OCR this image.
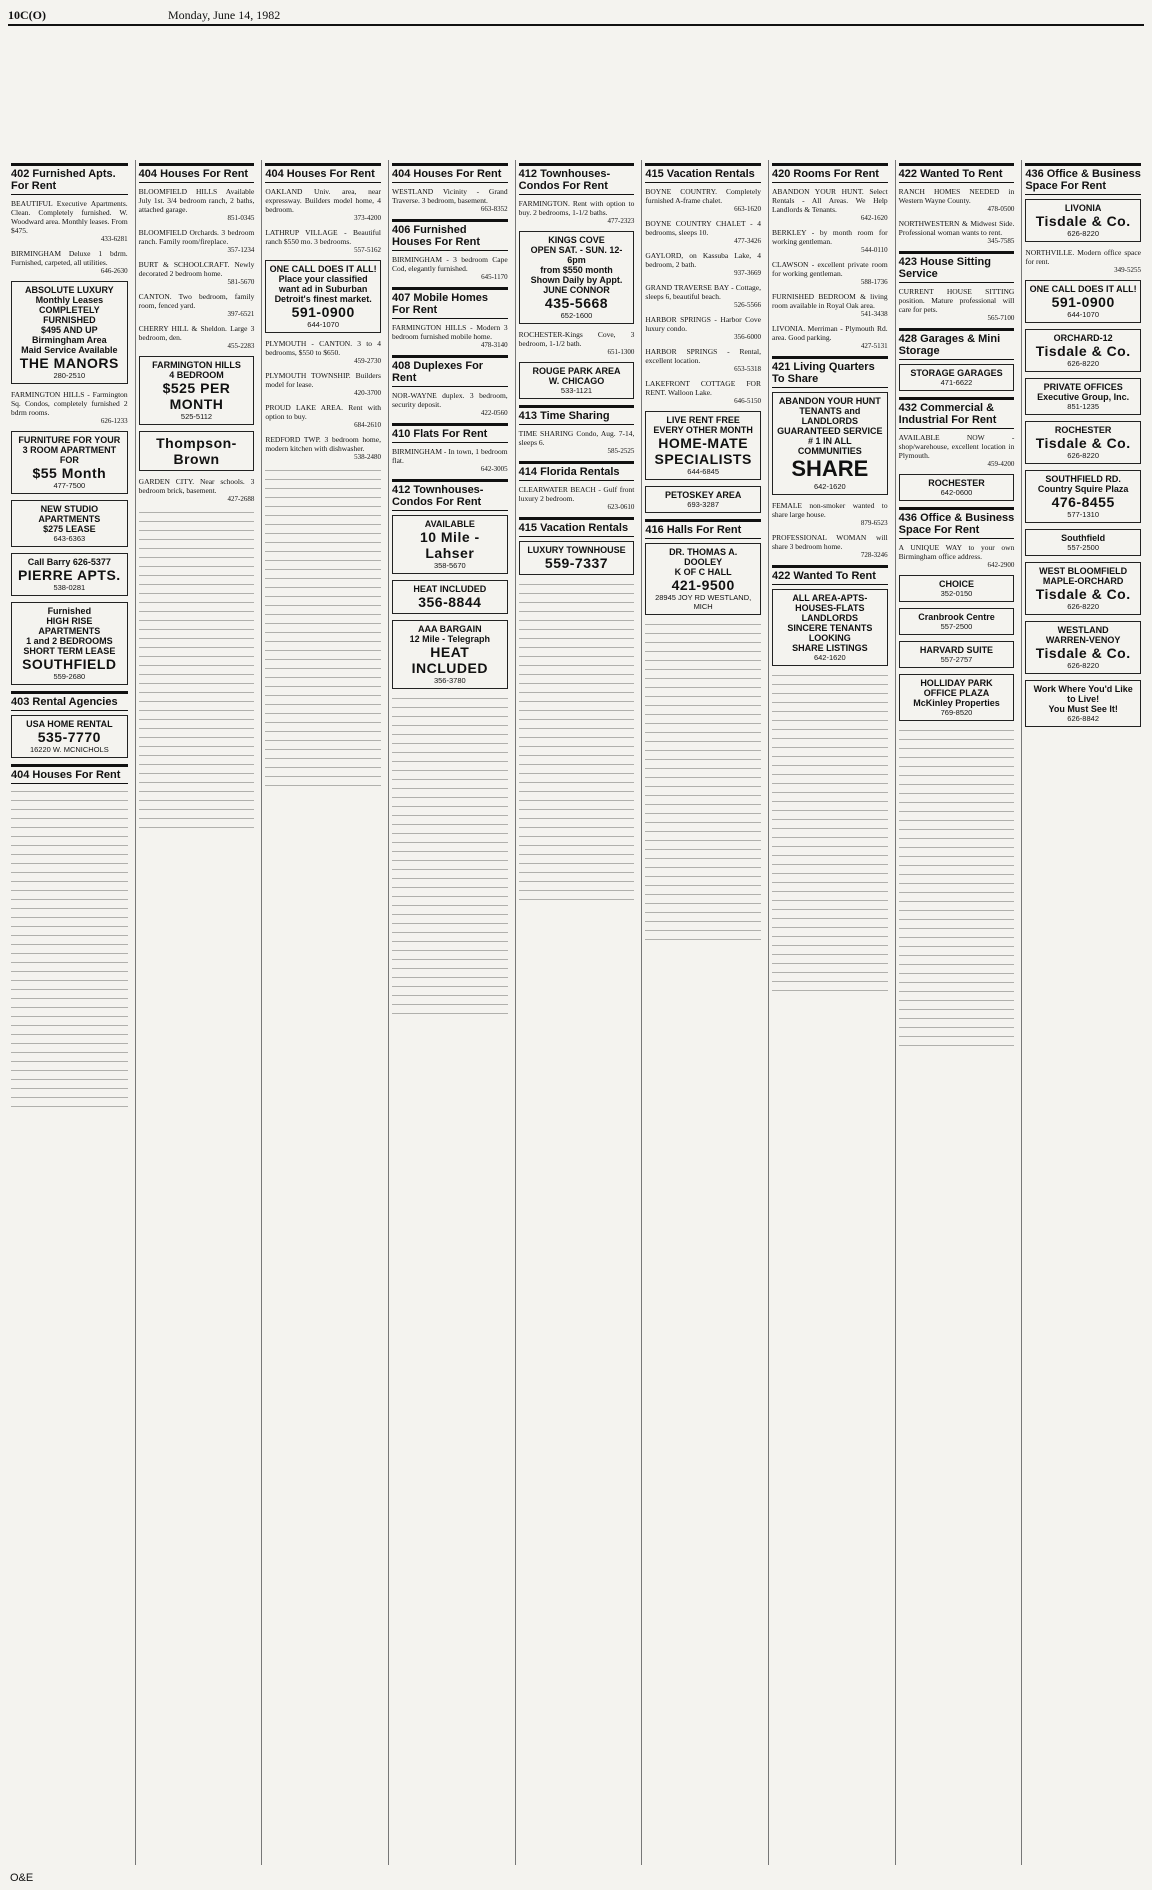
10C(O)	Monday, June 14, 1982
402 Furnished Apts. For Rent
BEAUTIFUL Executive Apartments. Clean. Completely furnished. W. Woodward area. Monthly leases. From $475.
433-6281
BIRMINGHAM Deluxe 1 bdrm. Furnished, carpeted, all utilities.
646-2630
ABSOLUTE LUXURY
Monthly Leases
COMPLETELY FURNISHED
$495 AND UP
Birmingham Area
Maid Service Available
THE MANORS
280-2510
FARMINGTON HILLS - Farmington Sq. Condos, completely furnished 2 bdrm rooms.
626-1233
FURNITURE FOR YOUR 3 ROOM APARTMENT FOR
$55 Month
477-7500
NEW STUDIO APARTMENTS
$275 LEASE
643-6363
Call Barry 626-5377
PIERRE APTS.
538-0281
Furnished
HIGH RISE APARTMENTS
1 and 2 BEDROOMS
SHORT TERM LEASE
SOUTHFIELD
559-2680
403 Rental Agencies
USA HOME RENTAL
535-7770
16220 W. MCNICHOLS
404 Houses For Rent
404 Houses For Rent
BLOOMFIELD HILLS Available July 1st. 3/4 bedroom ranch, 2 baths, attached garage.
851-0345
BLOOMFIELD Orchards. 3 bedroom ranch. Family room/fireplace.
357-1234
BURT & SCHOOLCRAFT. Newly decorated 2 bedroom home.
581-5670
CANTON. Two bedroom, family room, fenced yard.
397-6521
CHERRY HILL & Sheldon. Large 3 bedroom, den.
455-2283
FARMINGTON HILLS
4 BEDROOM
$525 PER MONTH
525-5112
Thompson-Brown
GARDEN CITY. Near schools. 3 bedroom brick, basement.
427-2688
404 Houses For Rent
OAKLAND Univ. area, near expressway. Builders model home, 4 bedroom.
373-4200
LATHRUP VILLAGE - Beautiful ranch $550 mo. 3 bedrooms.
557-5162
ONE CALL DOES IT ALL!
Place your classified want ad in Suburban Detroit's finest market.
591-0900
644-1070
PLYMOUTH - CANTON. 3 to 4 bedrooms, $550 to $650.
459-2730
PLYMOUTH TOWNSHIP. Builders model for lease.
420-3700
PROUD LAKE AREA. Rent with option to buy.
684-2610
REDFORD TWP. 3 bedroom home, modern kitchen with dishwasher.
538-2480
404 Houses For Rent
WESTLAND Vicinity - Grand Traverse. 3 bedroom, basement.
663-8352
406 Furnished Houses For Rent
BIRMINGHAM - 3 bedroom Cape Cod, elegantly furnished.
645-1170
407 Mobile Homes For Rent
FARMINGTON HILLS - Modern 3 bedroom furnished mobile home.
478-3140
408 Duplexes For Rent
NOR-WAYNE duplex. 3 bedroom, security deposit.
422-0560
410 Flats For Rent
BIRMINGHAM - In town, 1 bedroom flat.
642-3005
412 Townhouses-Condos For Rent
AVAILABLE
10 Mile - Lahser
358-5670
HEAT INCLUDED
356-8844
AAA BARGAIN
12 Mile - Telegraph
HEAT INCLUDED
356-3780
412 Townhouses-Condos For Rent
FARMINGTON. Rent with option to buy. 2 bedrooms, 1-1/2 baths.
477-2323
KINGS COVE
OPEN SAT. - SUN. 12-6pm
from $550 month
Shown Daily by Appt.
JUNE CONNOR
435-5668
652-1600
ROCHESTER-Kings Cove, 3 bedroom, 1-1/2 bath.
651-1300
ROUGE PARK AREA
W. CHICAGO
533-1121
413 Time Sharing
TIME SHARING Condo, Aug. 7-14, sleeps 6.
585-2525
414 Florida Rentals
CLEARWATER BEACH - Gulf front luxury 2 bedroom.
623-0610
415 Vacation Rentals
LUXURY TOWNHOUSE
559-7337
415 Vacation Rentals
BOYNE COUNTRY. Completely furnished A-frame chalet.
663-1620
BOYNE COUNTRY CHALET - 4 bedrooms, sleeps 10.
477-3426
GAYLORD, on Kassuba Lake, 4 bedroom, 2 bath.
937-3669
GRAND TRAVERSE BAY - Cottage, sleeps 6, beautiful beach.
526-5566
HARBOR SPRINGS - Harbor Cove luxury condo.
356-6000
HARBOR SPRINGS - Rental, excellent location.
653-5318
LAKEFRONT COTTAGE FOR RENT. Walloon Lake.
646-5150
LIVE RENT FREE
EVERY OTHER MONTH
HOME-MATE SPECIALISTS
644-6845
PETOSKEY AREA
693-3287
416 Halls For Rent
DR. THOMAS A. DOOLEY
K OF C HALL
421-9500
28945 JOY RD WESTLAND, MICH
420 Rooms For Rent
ABANDON YOUR HUNT. Select Rentals - All Areas. We Help Landlords & Tenants.
642-1620
BERKLEY - by month room for working gentleman.
544-0110
CLAWSON - excellent private room for working gentleman.
588-1736
FURNISHED BEDROOM & living room available in Royal Oak area.
541-3438
LIVONIA. Merriman - Plymouth Rd. area. Good parking.
427-5131
421 Living Quarters To Share
ABANDON YOUR HUNT
TENANTS and LANDLORDS
GUARANTEED SERVICE
# 1 IN ALL COMMUNITIES
SHARE
642-1620
FEMALE non-smoker wanted to share large house.
879-6523
PROFESSIONAL WOMAN will share 3 bedroom home.
728-3246
422 Wanted To Rent
ALL AREA-APTS-HOUSES-FLATS
LANDLORDS
SINCERE TENANTS LOOKING
SHARE LISTINGS
642-1620
422 Wanted To Rent
RANCH HOMES NEEDED in Western Wayne County.
478-0500
NORTHWESTERN & Midwest Side. Professional woman wants to rent.
345-7585
423 House Sitting Service
CURRENT HOUSE SITTING position. Mature professional will care for pets.
565-7100
428 Garages & Mini Storage
STORAGE GARAGES
471-6622
432 Commercial & Industrial For Rent
AVAILABLE NOW - shop/warehouse, excellent location in Plymouth.
459-4200
ROCHESTER
642-0600
436 Office & Business Space For Rent
A UNIQUE WAY to your own Birmingham office address.
642-2900
CHOICE
352-0150
Cranbrook Centre
557-2500
HARVARD SUITE
557-2757
HOLLIDAY PARK OFFICE PLAZA
McKinley Properties
769-8520
436 Office & Business Space For Rent
LIVONIA
Tisdale & Co.
626-8220
NORTHVILLE. Modern office space for rent.
349-5255
ONE CALL DOES IT ALL!
591-0900
644-1070
ORCHARD-12
Tisdale & Co.
626-8220
PRIVATE OFFICES
Executive Group, Inc.
851-1235
ROCHESTER
Tisdale & Co.
626-8220
SOUTHFIELD RD.
Country Squire Plaza
476-8455
577-1310
Southfield
557-2500
WEST BLOOMFIELD
MAPLE-ORCHARD
Tisdale & Co.
626-8220
WESTLAND
WARREN-VENOY
Tisdale & Co.
626-8220
Work Where You'd Like to Live!
You Must See It!
626-8842
O&E
